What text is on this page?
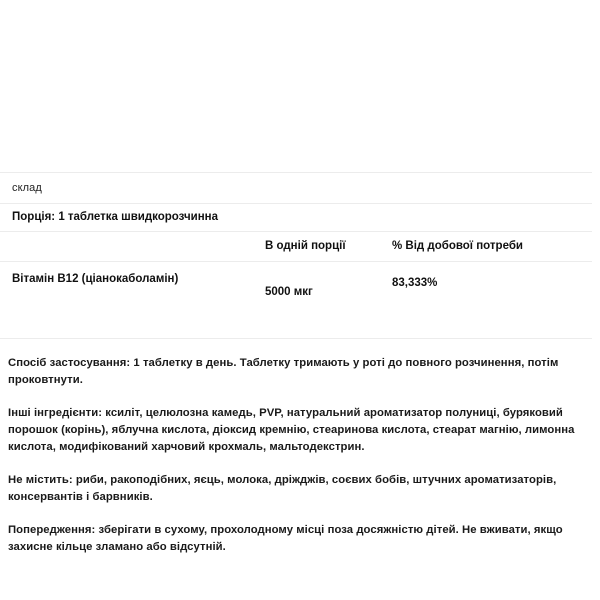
склад		
Порція: 1 таблетка швидкорозчинна		
	В одній порції	% Від добової потреби

Вітамін B12 (ціанокаболамін)	5000 мкг	83,333%

Спосіб застосування: 1 таблетку в день. Таблетку тримають у роті до повного розчинення, потім проковтнути.

Інші інгредієнти: ксиліт, целюлозна камедь, PVP, натуральний ароматизатор полуниці, буряковий порошок (корінь), яблучна кислота, діоксид кремнію, стеаринова кислота, стеарат магнію, лимонна кислота, модифікований харчовий крохмаль, мальтодекстрин.

Не містить: риби, ракоподібних, яєць, молока, дріжджів, соєвих бобів, штучних ароматизаторів, консервантів і барвників.

Попередження: зберігати в сухому, прохолодному місці поза досяжністю дітей. Не вживати, якщо захисне кільце зламано або відсутній.
